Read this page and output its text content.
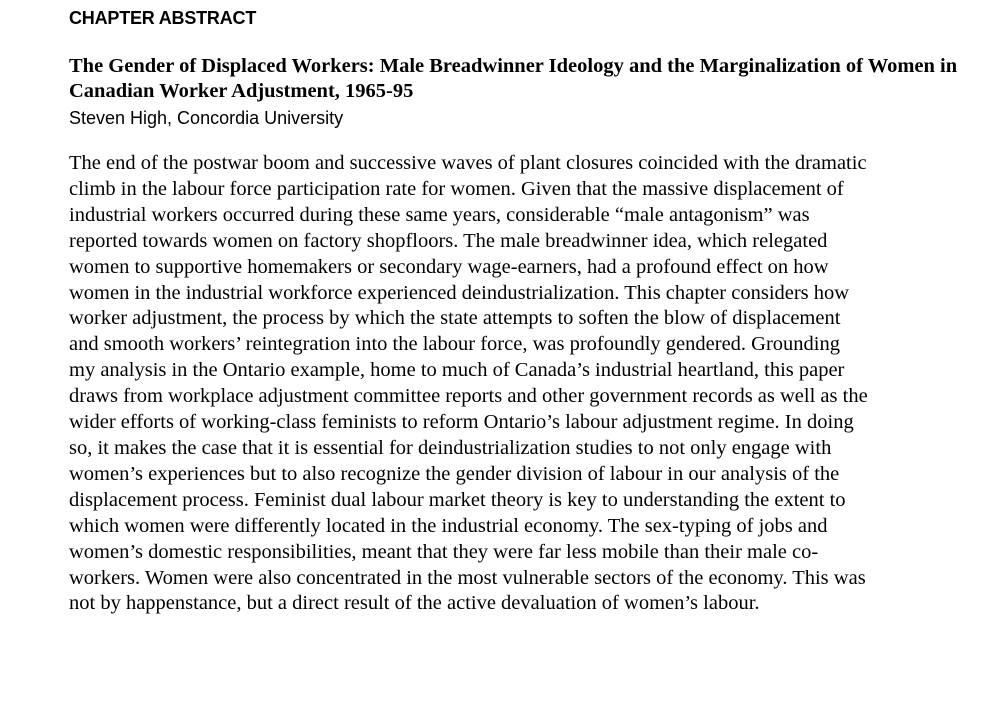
CHAPTER ABSTRACT
The Gender of Displaced Workers: Male Breadwinner Ideology and the Marginalization of Women in Canadian Worker Adjustment, 1965-95

Steven High, Concordia University

The end of the postwar boom and successive waves of plant closures coincided with the dramatic
climb in the labour force participation rate for women. Given that the massive displacement of
industrial workers occurred during these same years, considerable “male antagonism” was
reported towards women on factory shopfloors. The male breadwinner idea, which relegated
women to supportive homemakers or secondary wage-earners, had a profound effect on how
women in the industrial workforce experienced deindustrialization. This chapter considers how
worker adjustment, the process by which the state attempts to soften the blow of displacement
and smooth workers’ reintegration into the labour force, was profoundly gendered. Grounding
my analysis in the Ontario example, home to much of Canada’s industrial heartland, this paper
draws from workplace adjustment committee reports and other government records as well as the
wider efforts of working-class feminists to reform Ontario’s labour adjustment regime. In doing
so, it makes the case that it is essential for deindustrialization studies to not only engage with
women’s experiences but to also recognize the gender division of labour in our analysis of the
displacement process. Feminist dual labour market theory is key to understanding the extent to
which women were differently located in the industrial economy. The sex-typing of jobs and
women’s domestic responsibilities, meant that they were far less mobile than their male co-
workers. Women were also concentrated in the most vulnerable sectors of the economy. This was
not by happenstance, but a direct result of the active devaluation of women’s labour.
